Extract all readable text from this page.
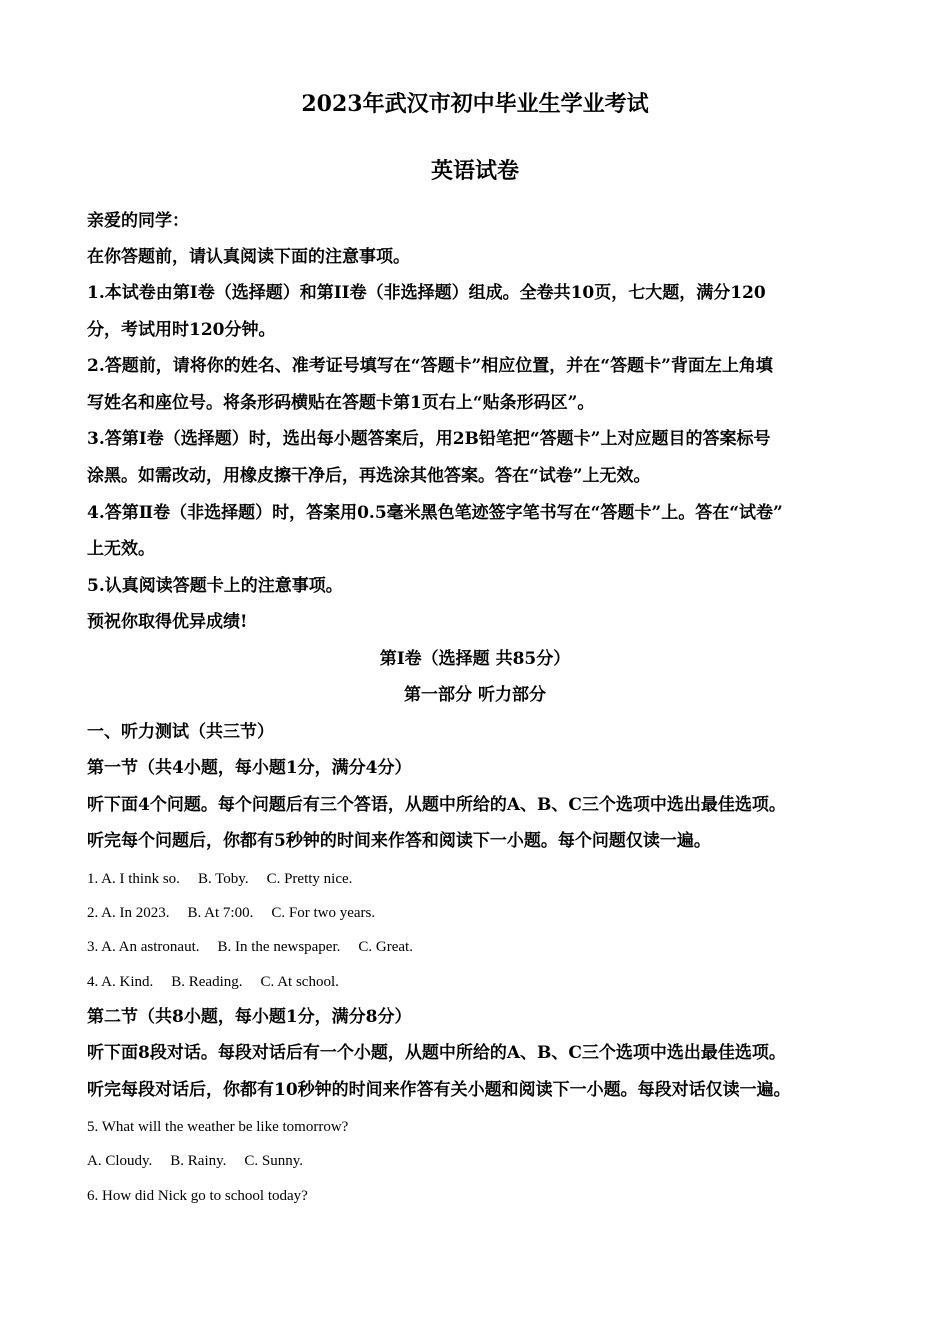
2023年武汉市初中毕业生学业考试
英语试卷
亲爱的同学：
在你答题前，请认真阅读下面的注意事项。
1.本试卷由第Ⅰ卷（选择题）和第II卷（非选择题）组成。全卷共10页，七大题，满分120
分，考试用时120分钟。
2.答题前，请将你的姓名、准考证号填写在“答题卡”相应位置，并在“答题卡”背面左上角填
写姓名和座位号。将条形码横贴在答题卡第1页右上“贴条形码区”。
3.答第Ⅰ卷（选择题）时，选出每小题答案后，用2B铅笔把“答题卡”上对应题目的答案标号
涂黑。如需改动，用橡皮擦干净后，再选涂其他答案。答在“试卷”上无效。
4.答第Ⅱ卷（非选择题）时，答案用0.5毫米黑色笔迹签字笔书写在“答题卡”上。答在“试卷”
上无效。
5.认真阅读答题卡上的注意事项。
预祝你取得优异成绩!
第Ⅰ卷（选择题 共85分）
第一部分 听力部分
一、听力测试（共三节）
第一节（共4小题，每小题1分，满分4分）
听下面4个问题。每个问题后有三个答语，从题中所给的A、B、C三个选项中选出最佳选项。
听完每个问题后，你都有5秒钟的时间来作答和阅读下一小题。每个问题仅读一遍。
1. A. I think so. B. Toby. C. Pretty nice.
2. A. In 2023. B. At 7:00. C. For two years.
3. A. An astronaut. B. In the newspaper. C. Great.
4. A. Kind. B. Reading. C. At school.
第二节（共8小题，每小题1分，满分8分）
听下面8段对话。每段对话后有一个小题，从题中所给的A、B、C三个选项中选出最佳选项。
听完每段对话后，你都有10秒钟的时间来作答有关小题和阅读下一小题。每段对话仅读一遍。
5. What will the weather be like tomorrow?
A. Cloudy. B. Rainy. C. Sunny.
6. How did Nick go to school today?
